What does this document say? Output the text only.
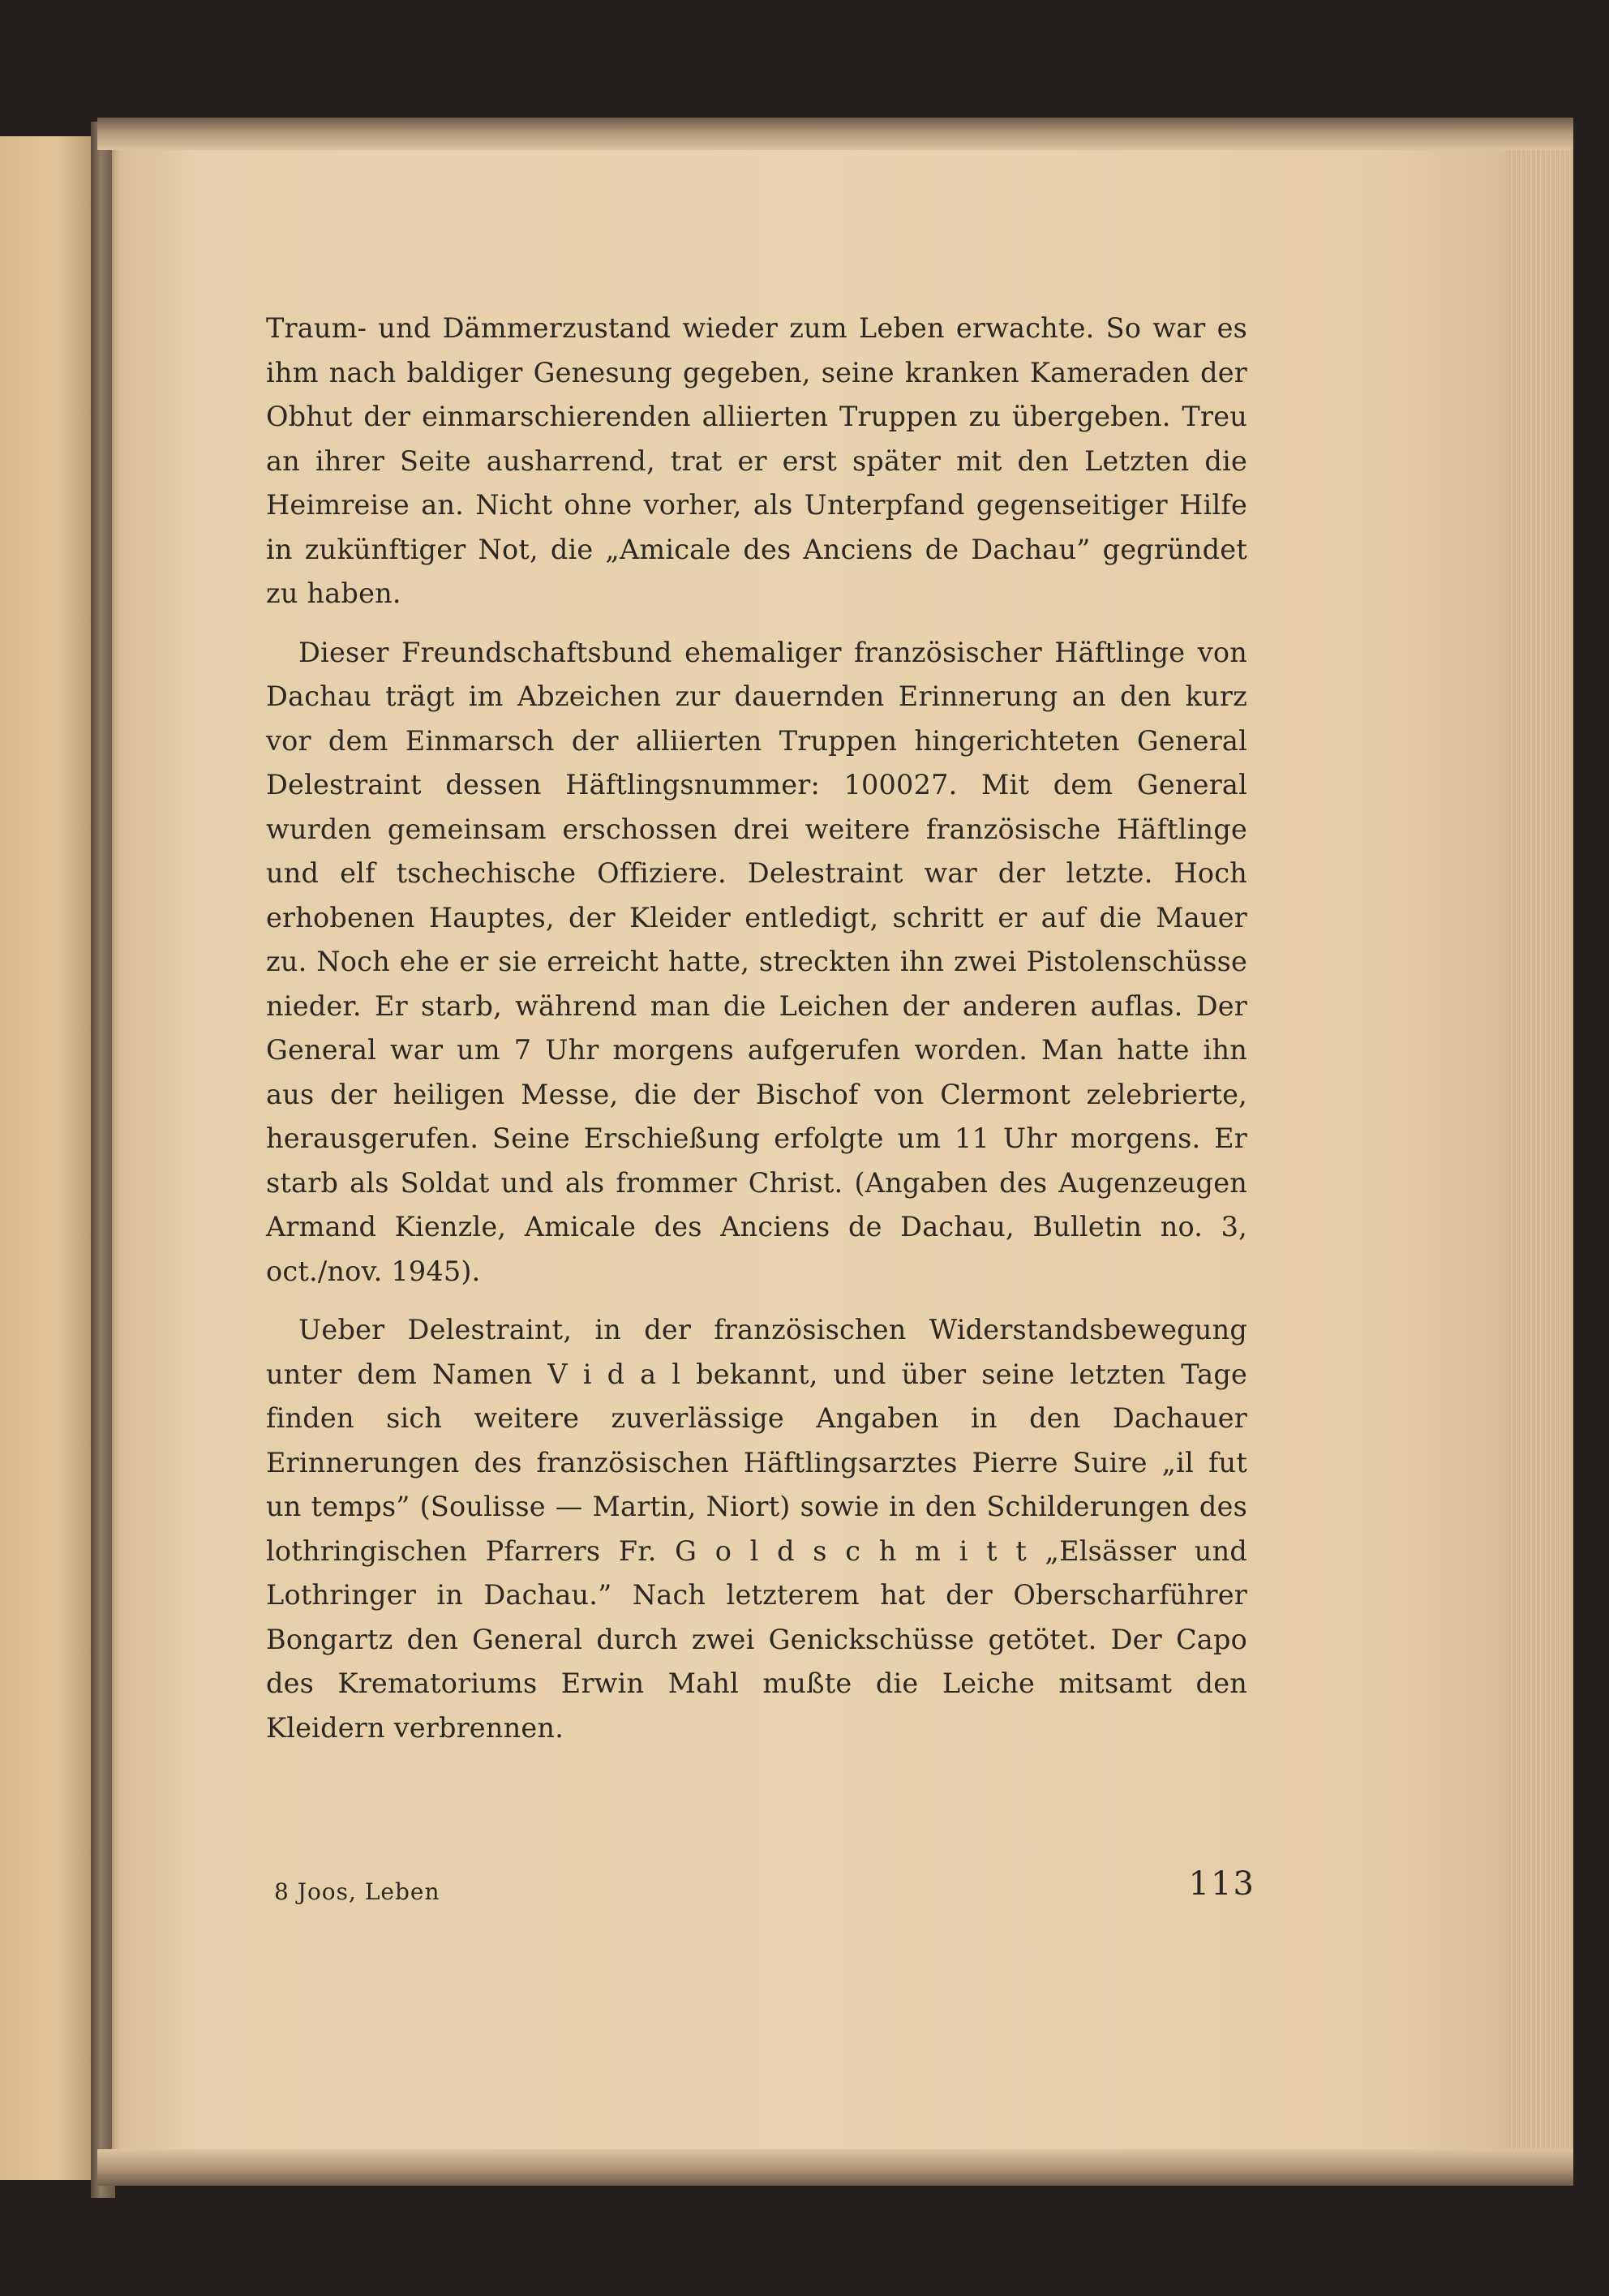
Traum- und Dämmerzustand wieder zum Leben erwachte. So war es ihm nach baldiger Genesung gegeben, seine kranken Kameraden der Obhut der einmarschierenden alliierten Truppen zu übergeben. Treu an ihrer Seite ausharrend, trat er erst später mit den Letzten die Heimreise an. Nicht ohne vorher, als Unterpfand gegenseitiger Hilfe in zukünftiger Not, die „Amicale des Anciens de Dachau” gegründet zu haben.

Dieser Freundschaftsbund ehemaliger französischer Häftlinge von Dachau trägt im Abzeichen zur dauernden Erinnerung an den kurz vor dem Einmarsch der alliierten Truppen hingerichteten General Delestraint dessen Häftlingsnummer: 100027. Mit dem General wurden gemeinsam erschossen drei weitere französische Häftlinge und elf tschechische Offiziere. Delestraint war der letzte. Hoch erhobenen Hauptes, der Kleider entledigt, schritt er auf die Mauer zu. Noch ehe er sie erreicht hatte, streckten ihn zwei Pistolenschüsse nieder. Er starb, während man die Leichen der anderen auflas. Der General war um 7 Uhr morgens aufgerufen worden. Man hatte ihn aus der heiligen Messe, die der Bischof von Clermont zelebrierte, herausgerufen. Seine Erschießung erfolgte um 11 Uhr morgens. Er starb als Soldat und als frommer Christ. (Angaben des Augenzeugen Armand Kienzle, Amicale des Anciens de Dachau, Bulletin no. 3, oct./nov. 1945).

Ueber Delestraint, in der französischen Widerstandsbewegung unter dem Namen V i d a l bekannt, und über seine letzten Tage finden sich weitere zuverlässige Angaben in den Dachauer Erinnerungen des französischen Häftlingsarztes Pierre Suire „il fut un temps” (Soulisse — Martin, Niort) sowie in den Schilderungen des lothringischen Pfarrers Fr. G o l d s c h m i t t „Elsässer und Lothringer in Dachau.” Nach letzterem hat der Oberscharführer Bongartz den General durch zwei Genickschüsse getötet. Der Capo des Krematoriums Erwin Mahl mußte die Leiche mitsamt den Kleidern verbrennen.

8 Joos, Leben	113
